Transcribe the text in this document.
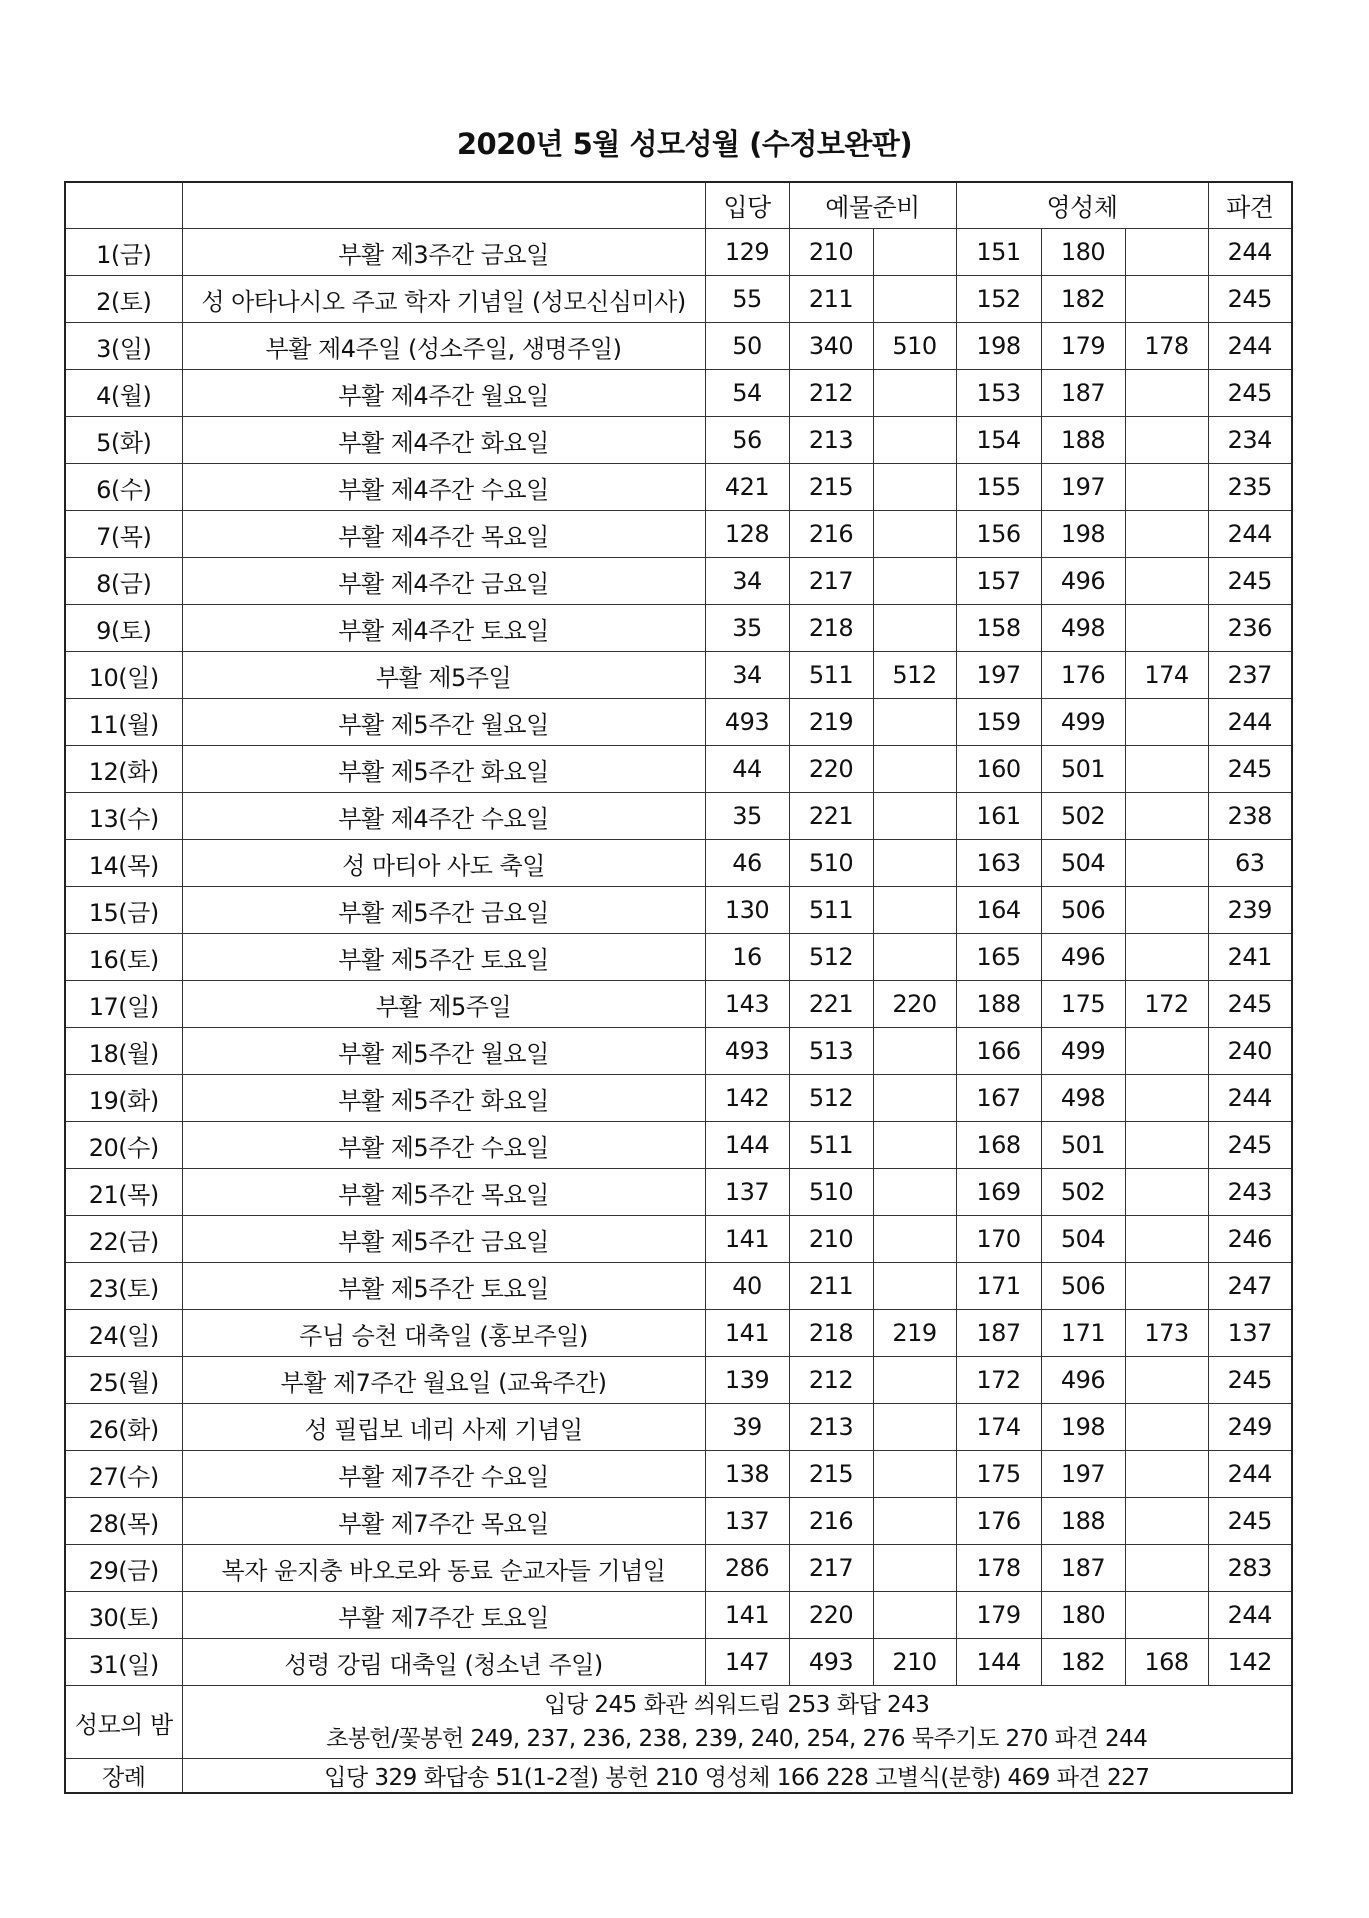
2020년 5월 성모성월 (수정보완판)
		입당	예물준비		영성체			파견
1(금)	부활 제3주간 금요일	129	210		151	180		244
2(토)	성 아타나시오 주교 학자 기념일 (성모신심미사)	55	211		152	182		245
3(일)	부활 제4주일 (성소주일, 생명주일)	50	340	510	198	179	178	244
4(월)	부활 제4주간 월요일	54	212		153	187		245
5(화)	부활 제4주간 화요일	56	213		154	188		234
6(수)	부활 제4주간 수요일	421	215		155	197		235
7(목)	부활 제4주간 목요일	128	216		156	198		244
8(금)	부활 제4주간 금요일	34	217		157	496		245
9(토)	부활 제4주간 토요일	35	218		158	498		236
10(일)	부활 제5주일	34	511	512	197	176	174	237
11(월)	부활 제5주간 월요일	493	219		159	499		244
12(화)	부활 제5주간 화요일	44	220		160	501		245
13(수)	부활 제4주간 수요일	35	221		161	502		238
14(목)	성 마티아 사도 축일	46	510		163	504		63
15(금)	부활 제5주간 금요일	130	511		164	506		239
16(토)	부활 제5주간 토요일	16	512		165	496		241
17(일)	부활 제5주일	143	221	220	188	175	172	245
18(월)	부활 제5주간 월요일	493	513		166	499		240
19(화)	부활 제5주간 화요일	142	512		167	498		244
20(수)	부활 제5주간 수요일	144	511		168	501		245
21(목)	부활 제5주간 목요일	137	510		169	502		243
22(금)	부활 제5주간 금요일	141	210		170	504		246
23(토)	부활 제5주간 토요일	40	211		171	506		247
24(일)	주님 승천 대축일 (홍보주일)	141	218	219	187	171	173	137
25(월)	부활 제7주간 월요일 (교육주간)	139	212		172	496		245
26(화)	성 필립보 네리 사제 기념일	39	213		174	198		249
27(수)	부활 제7주간 수요일	138	215		175	197		244
28(목)	부활 제7주간 목요일	137	216		176	188		245
29(금)	복자 윤지충 바오로와 동료 순교자들 기념일	286	217		178	187		283
30(토)	부활 제7주간 토요일	141	220		179	180		244
31(일)	성령 강림 대축일 (청소년 주일)	147	493	210	144	182	168	142
성모의 밤	입당 245 화관 씌워드림 253 화답 243
초봉헌/꽃봉헌 249, 237, 236, 238, 239, 240, 254, 276 묵주기도 270 파견 244							

장례	입당 329 화답송 51(1-2절) 봉헌 210 영성체 166 228 고별식(분향) 469 파견 227							
